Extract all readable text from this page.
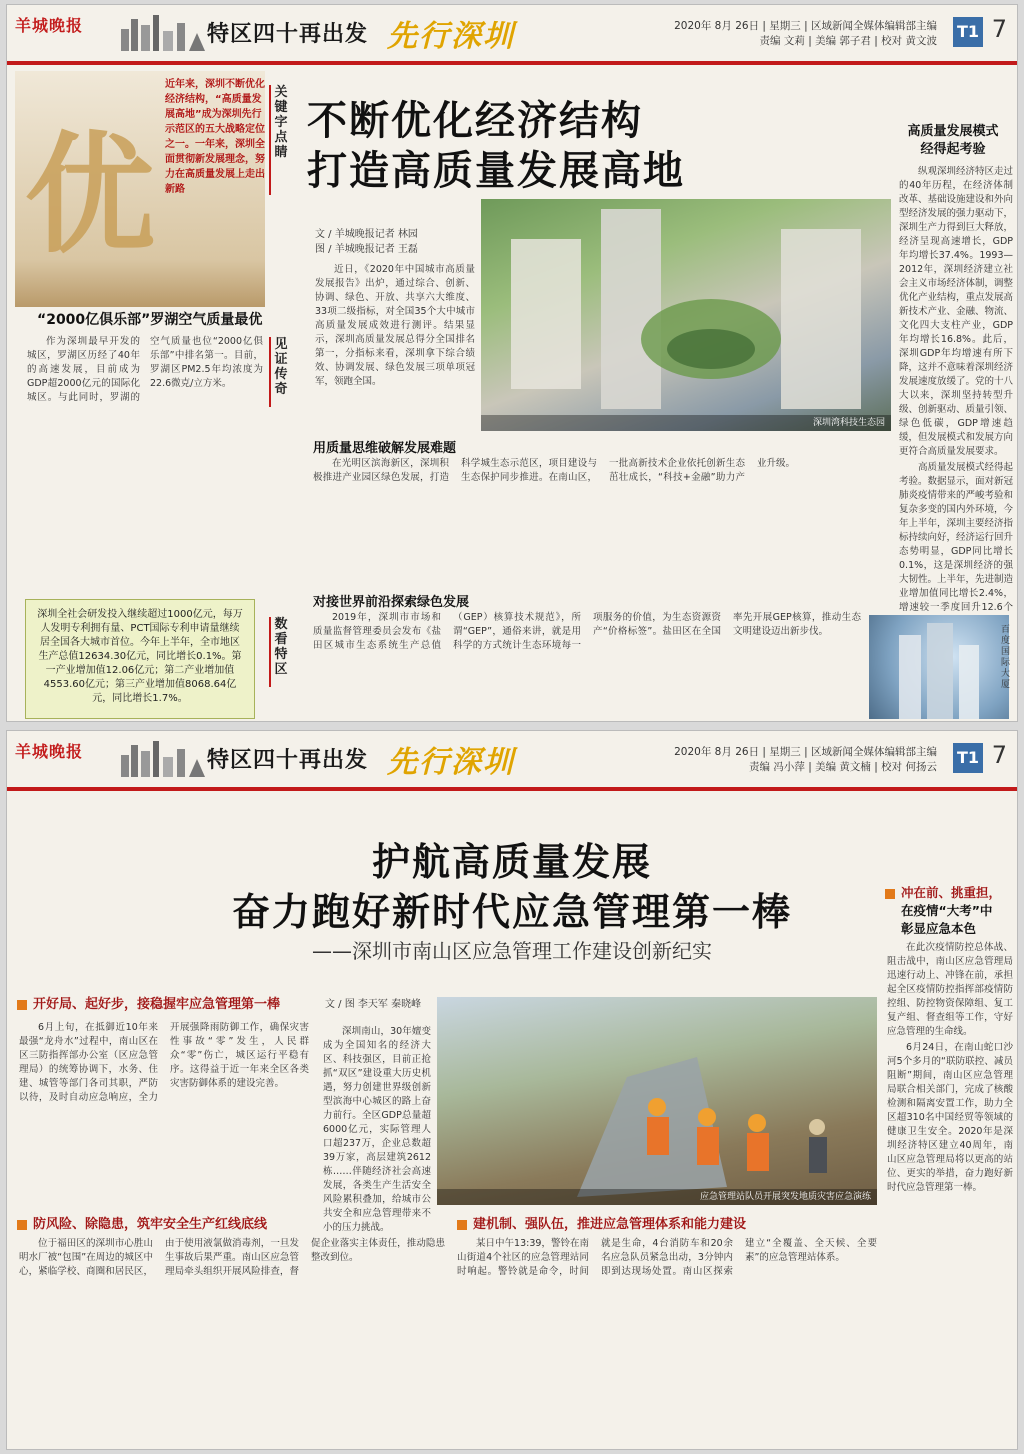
羊城晚报	特区四十再出发 先行深圳	2020年 8月 26日 | 星期三 | 区域新闻全媒体编辑部主编
责编 文莉 | 美编 郭子君 | 校对 黄文波 T1 7
优
近年来，深圳不断优化经济结构，“高质量发展高地”成为深圳先行示范区的五大战略定位之一。一年来，深圳全面贯彻新发展理念，努力在高质量发展上走出新路
关键字点睛
见证传奇
数看特区
不断优化经济结构
打造高质量发展高地
文 / 羊城晚报记者 林园
图 / 羊城晚报记者 王磊

近日，《2020年中国城市高质量发展报告》出炉，通过综合、创新、协调、绿色、开放、共享六大维度、33项二级指标，对全国35个大中城市高质量发展成效进行测评。结果显示，深圳高质量发展总得分全国排名第一，分指标来看，深圳拿下综合绩效、协调发展、绿色发展三项单项冠军，领跑全国。

深圳湾科技生态园
高质量发展模式
经得起考验

纵观深圳经济特区走过的40年历程，在经济体制改革、基础设施建设和外向型经济发展的强力驱动下，深圳生产力得到巨大释放，经济呈现高速增长，GDP年均增长37.4%。1993—2012年，深圳经济建立社会主义市场经济体制，调整优化产业结构，重点发展高新技术产业、金融、物流、文化四大支柱产业，GDP年均增长16.8%。此后，深圳GDP年均增速有所下降，这并不意味着深圳经济发展速度放缓了。党的十八大以来，深圳坚持转型升级、创新驱动、质量引领、绿色低碳，GDP增速趋缓，但发展模式和发展方向更符合高质量发展要求。

高质量发展模式经得起考验。数据显示，面对新冠肺炎疫情带来的严峻考验和复杂多变的国内外环境，今年上半年，深圳主要经济指标持续向好，经济运行回升态势明显，GDP同比增长0.1%，这是深圳经济的强大韧性。上半年，先进制造业增加值同比增长2.4%，增速较一季度回升12.6个

百度国际大厦
用质量思维破解发展难题

在光明区滨海新区，深圳积极推进产业园区绿色发展，打造科学城生态示范区，项目建设与生态保护同步推进。在南山区，一批高新技术企业依托创新生态茁壮成长，“科技+金融”助力产业升级。

对接世界前沿探索绿色发展

2019年，深圳市市场和质量监督管理委员会发布《盐田区城市生态系统生产总值（GEP）核算技术规范》，所谓“GEP”，通俗来讲，就是用科学的方式统计生态环境每一项服务的价值，为生态资源资产“价格标签”。盐田区在全国率先开展GEP核算，推动生态文明建设迈出新步伐。

“2000亿俱乐部”罗湖空气质量最优

作为深圳最早开发的城区，罗湖区历经了40年的高速发展，目前成为GDP超2000亿元的国际化城区。与此同时，罗湖的空气质量也位“2000亿俱乐部”中排名第一。目前，罗湖区PM2.5年均浓度为22.6微克/立方米。

深圳全社会研发投入继续超过1000亿元，每万人发明专利拥有量、PCT国际专利申请量继续居全国各大城市首位。今年上半年，全市地区生产总值12634.30亿元，同比增长0.1%。第一产业增加值12.06亿元；第二产业增加值4553.60亿元；第三产业增加值8068.64亿元，同比增长1.7%。
羊城晚报	特区四十再出发 先行深圳	2020年 8月 26日 | 星期三 | 区域新闻全媒体编辑部主编
责编 冯小萍 | 美编 黄文楠 | 校对 何扬云 T1 7
护航高质量发展
奋力跑好新时代应急管理第一棒
——深圳市南山区应急管理工作建设创新纪实
开好局、起好步，接稳握牢应急管理第一棒	文 / 图 李天军 秦晓峰

6月上旬，在抵御近10年来最强“龙舟水”过程中，南山区在区三防指挥部办公室（区应急管理局）的统筹协调下，水务、住建、城管等部门各司其职，严防以待，及时自动应急响应，全力开展强降雨防御工作，确保灾害性事故“零”发生，人民群众“零”伤亡，城区运行平稳有序。这得益于近一年来全区各类灾害防御体系的建设完善。

防风险、除隐患，筑牢安全生产红线底线

位于福田区的深圳市心胜山明水厂被“包围”在周边的城区中心，紧临学校、商圈和居民区，由于使用液氯做消毒剂，一旦发生事故后果严重。南山区应急管理局牵头组织开展风险排查，督促企业落实主体责任，推动隐患整改到位。

深圳南山，30年嬗变成为全国知名的经济大区、科技强区，目前正抢抓“双区”建设重大历史机遇，努力创建世界级创新型滨海中心城区的路上奋力前行。全区GDP总量超6000亿元，实际管理人口超237万，企业总数超39万家，高层建筑2612栋……伴随经济社会高速发展，各类生产生活安全风险累积叠加，给城市公共安全和应急管理带来不小的压力挑战。

应急管理站队员开展突发地质灾害应急演练
建机制、强队伍，推进应急管理体系和能力建设

某日中午13:39，警铃在南山街道4个社区的应急管理站同时响起。警铃就是命令，时间就是生命，4台消防车和20余名应急队员紧急出动，3分钟内即到达现场处置。南山区探索建立“全覆盖、全天候、全要素”的应急管理站体系。

冲在前、挑重担，
在疫情“大考”中
彰显应急本色

在此次疫情防控总体战、阻击战中，南山区应急管理局迅速行动上、冲锋在前，承担起全区疫情防控指挥部疫情防控组、防控物资保障组、复工复产组、督查组等工作，守好应急管理的生命线。

6月24日，在南山蛇口沙河5个多月的“联防联控、减员阻断”期间，南山区应急管理局联合相关部门，完成了核酸检测和隔离安置工作，助力全区超310名中国经贸等领域的健康卫生安全。2020年是深圳经济特区建立40周年，南山区应急管理局将以更高的站位、更实的举措，奋力跑好新时代应急管理第一棒。
